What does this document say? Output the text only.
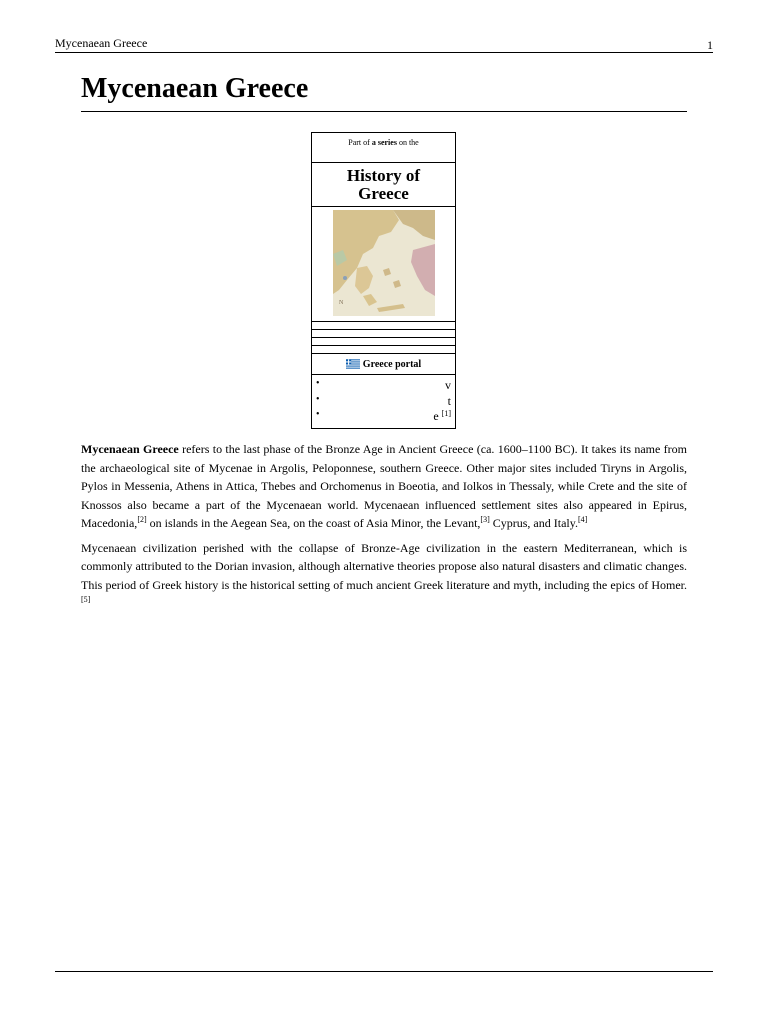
Mycenaean Greece	1
Mycenaean Greece
Part of a series on the
History of
Greece
N
Greece portal
•	v
•	t
•	e [1]

Mycenaean Greece refers to the last phase of the Bronze Age in Ancient Greece (ca. 1600–1100 BC). It takes its name from the archaeological site of Mycenae in Argolis, Peloponnese, southern Greece. Other major sites included Tiryns in Argolis, Pylos in Messenia, Athens in Attica, Thebes and Orchomenus in Boeotia, and Iolkos in Thessaly, while Crete and the site of Knossos also became a part of the Mycenaean world. Mycenaean influenced settlement sites also appeared in Epirus, Macedonia,[2] on islands in the Aegean Sea, on the coast of Asia Minor, the Levant,[3] Cyprus, and Italy.[4]

Mycenaean civilization perished with the collapse of Bronze-Age civilization in the eastern Mediterranean, which is commonly attributed to the Dorian invasion, although alternative theories propose also natural disasters and climatic changes. This period of Greek history is the historical setting of much ancient Greek literature and myth, including the epics of Homer.[5]
